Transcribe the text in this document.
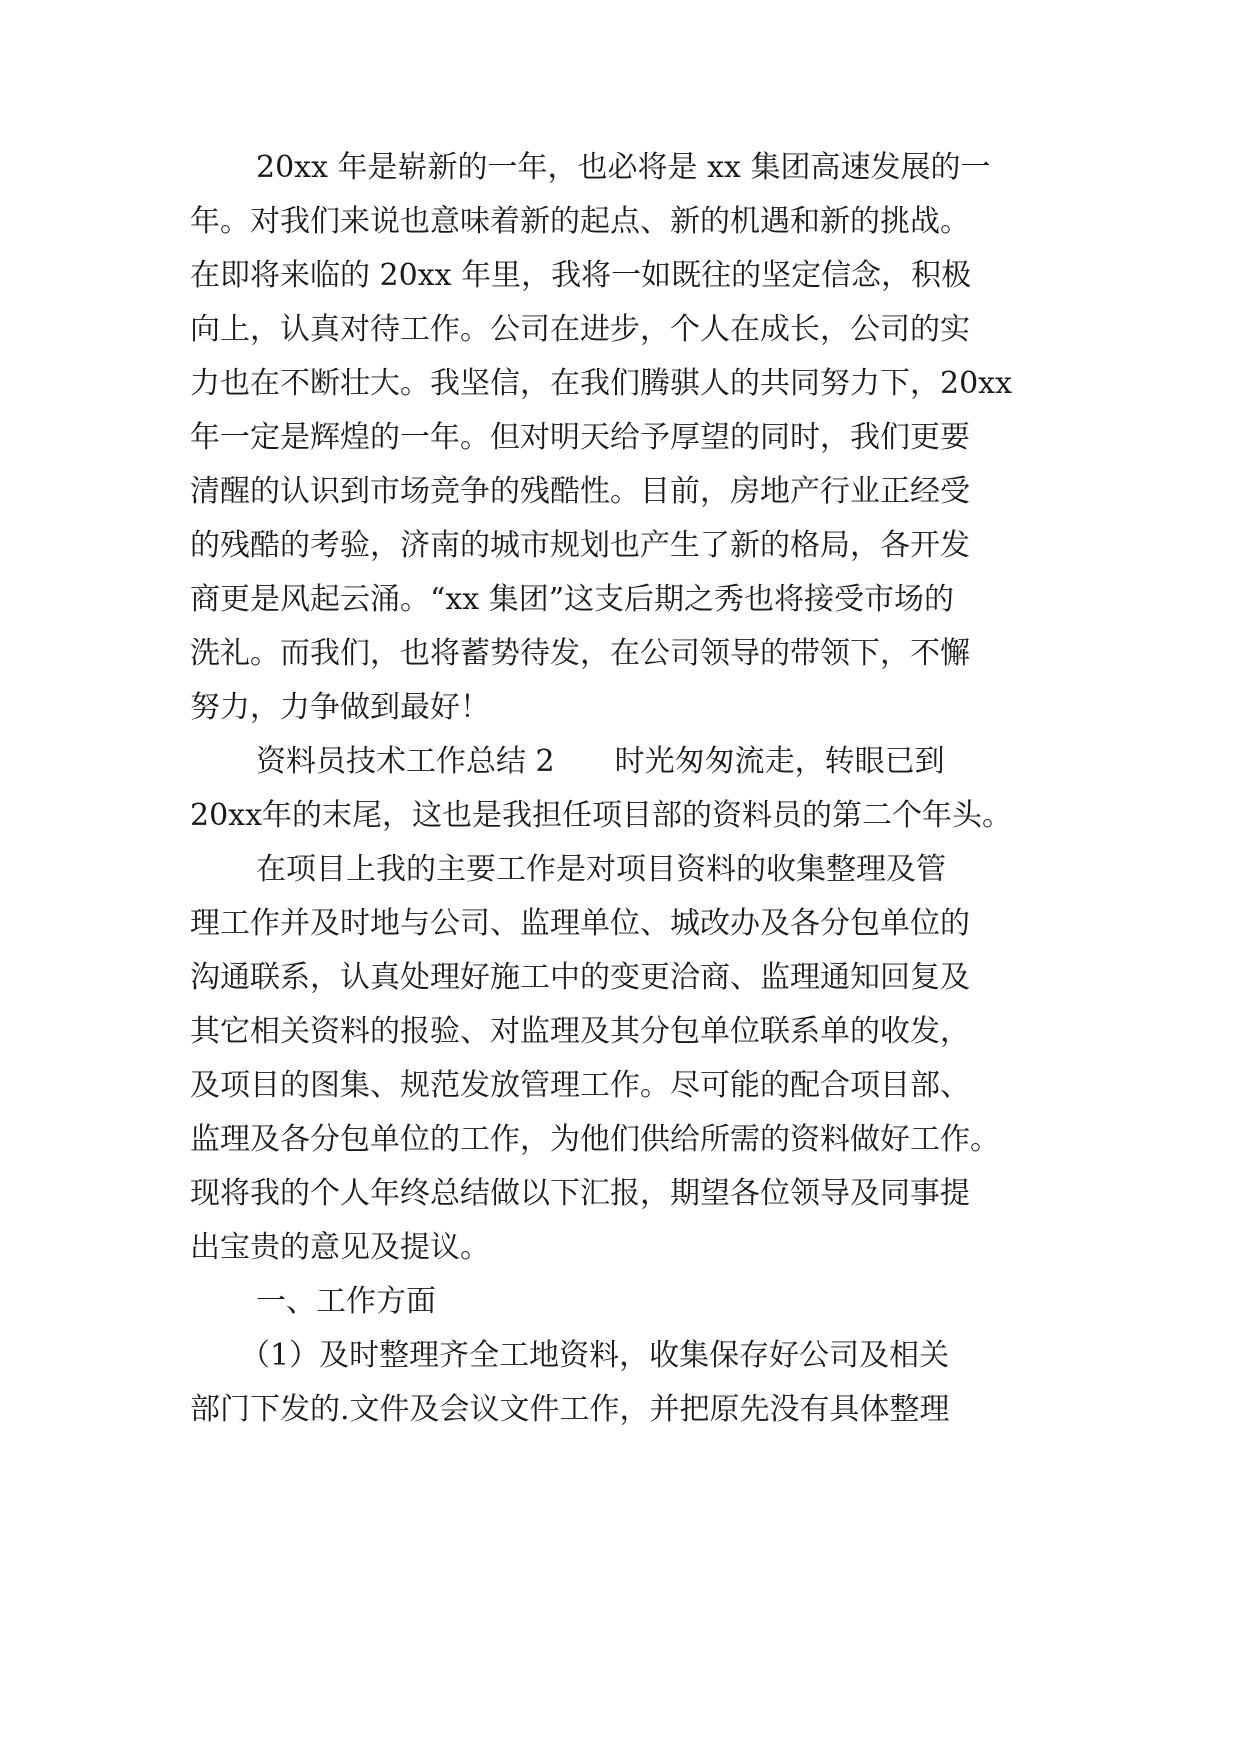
20xx 年是崭新的一年，也必将是 xx 集团高速发展的一
年。对我们来说也意味着新的起点、新的机遇和新的挑战。
在即将来临的 20xx 年里，我将一如既往的坚定信念，积极
向上，认真对待工作。公司在进步，个人在成长，公司的实
力也在不断壮大。我坚信，在我们腾骐人的共同努力下，20xx
年一定是辉煌的一年。但对明天给予厚望的同时，我们更要
清醒的认识到市场竞争的残酷性。目前，房地产行业正经受
的残酷的考验，济南的城市规划也产生了新的格局，各开发
商更是风起云涌。“xx 集团”这支后期之秀也将接受市场的
洗礼。而我们，也将蓄势待发，在公司领导的带领下，不懈
努力，力争做到最好！
资料员技术工作总结 2 时光匆匆流走，转眼已到
20xx年的末尾，这也是我担任项目部的资料员的第二个年头。
在项目上我的主要工作是对项目资料的收集整理及管
理工作并及时地与公司、监理单位、城改办及各分包单位的
沟通联系，认真处理好施工中的变更洽商、监理通知回复及
其它相关资料的报验、对监理及其分包单位联系单的收发，
及项目的图集、规范发放管理工作。尽可能的配合项目部、
监理及各分包单位的工作，为他们供给所需的资料做好工作。
现将我的个人年终总结做以下汇报，期望各位领导及同事提
出宝贵的意见及提议。
一、工作方面
（1）及时整理齐全工地资料，收集保存好公司及相关
部门下发的.文件及会议文件工作，并把原先没有具体整理
